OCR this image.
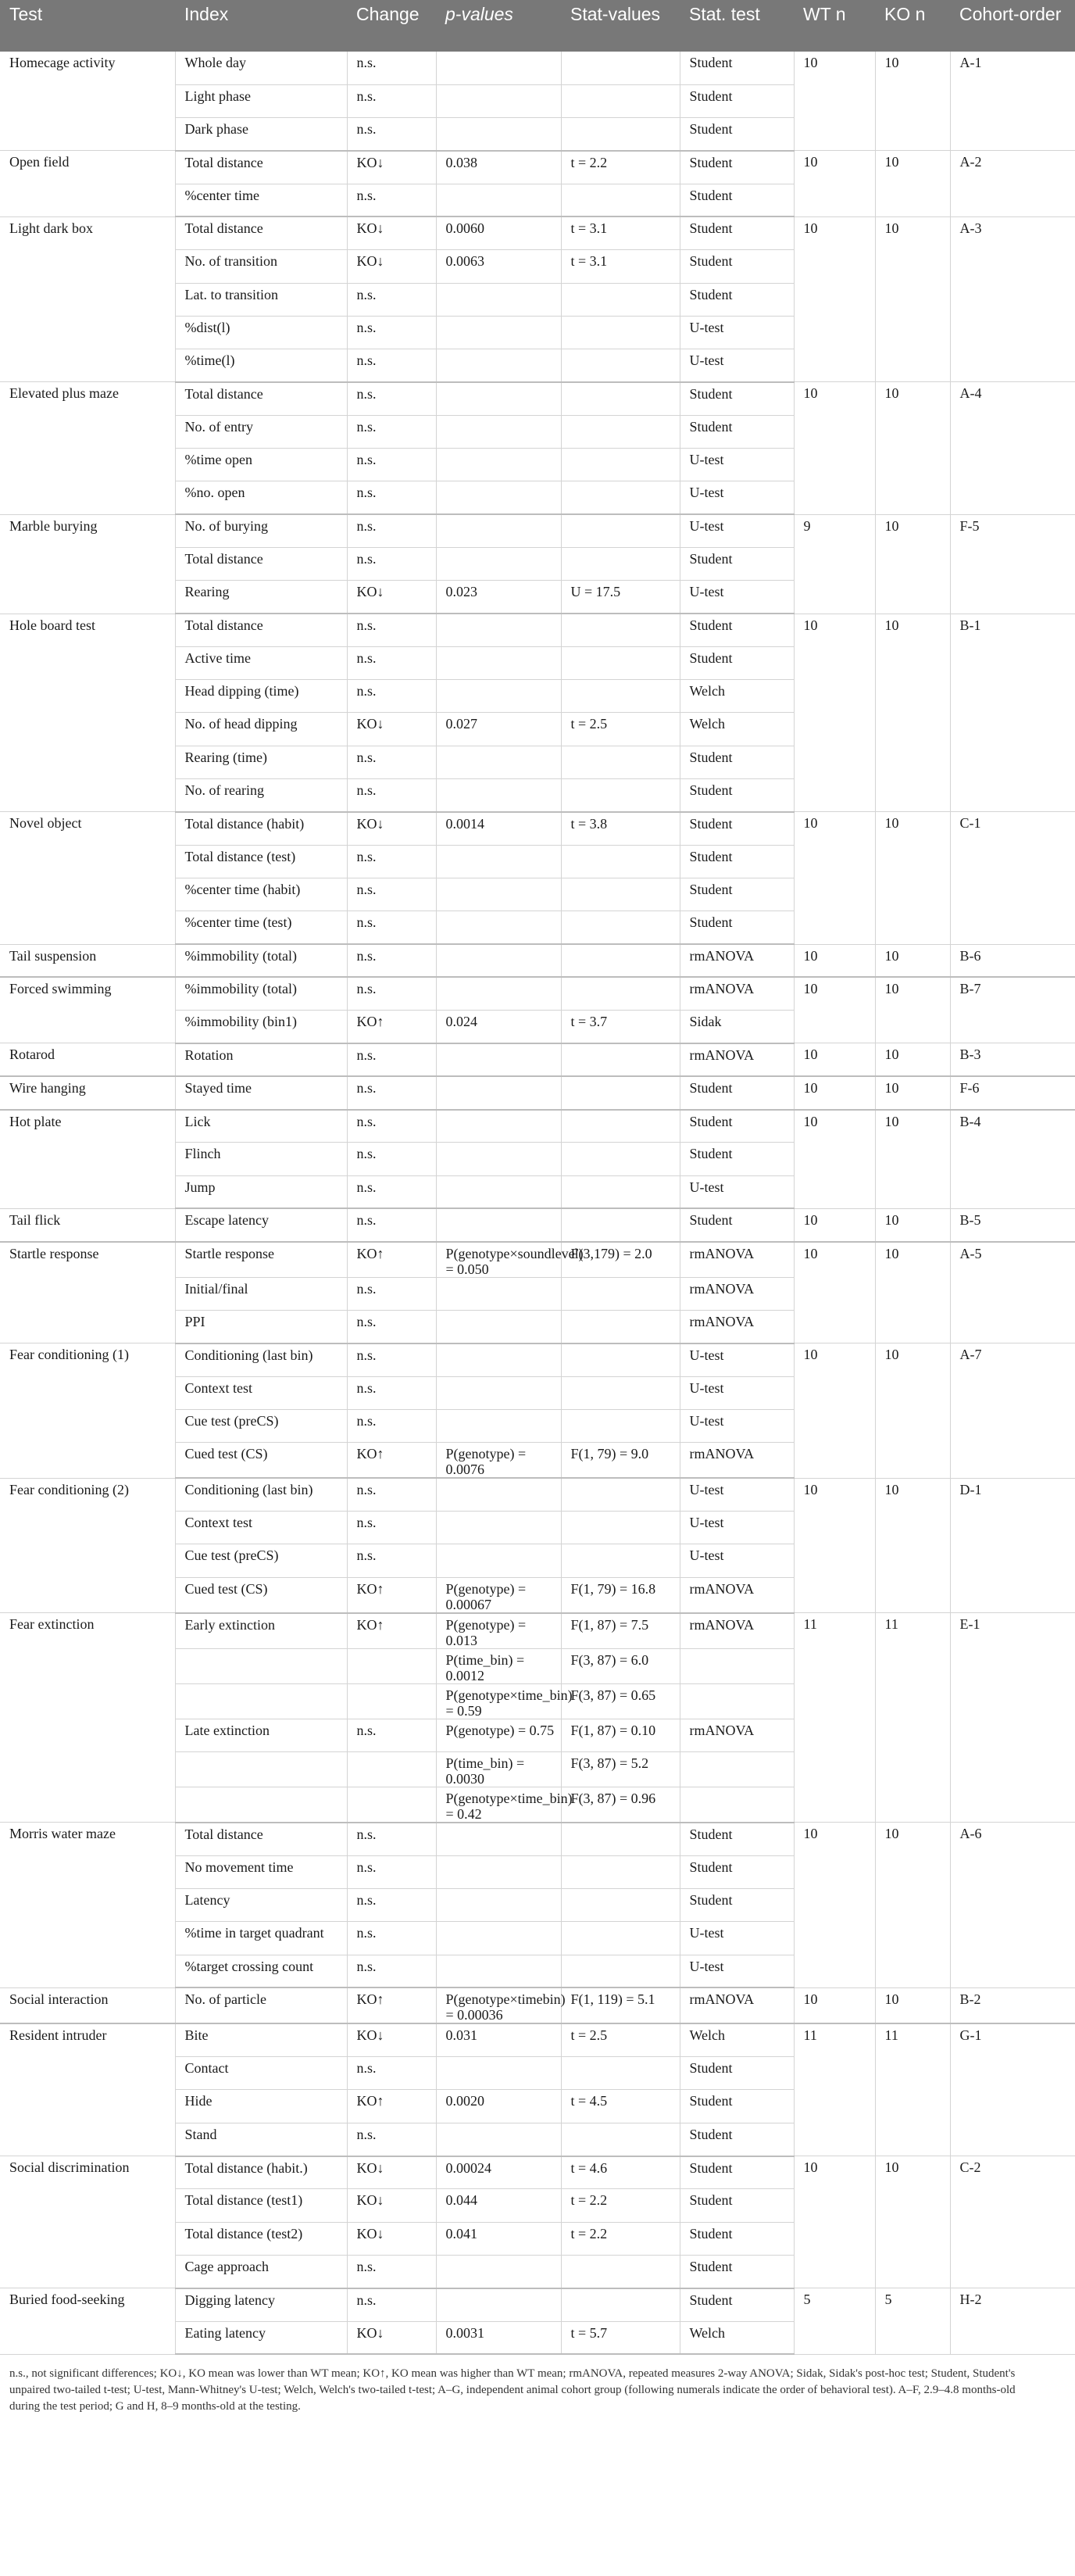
Test	Index	Change	p-values	Stat-values	Stat. test	WT n	KO n	Cohort-order
Homecage activity	Whole day	n.s.			Student	10	10	A-1
	Light phase	n.s.			Student			
	Dark phase	n.s.			Student			
Open field	Total distance	KO↓	0.038	t = 2.2	Student	10	10	A-2
	%center time	n.s.			Student			
Light dark box	Total distance	KO↓	0.0060	t = 3.1	Student	10	10	A-3
	No. of transition	KO↓	0.0063	t = 3.1	Student			
	Lat. to transition	n.s.			Student			
	%dist(l)	n.s.			U-test			
	%time(l)	n.s.			U-test			
Elevated plus maze	Total distance	n.s.			Student	10	10	A-4
	No. of entry	n.s.			Student			
	%time open	n.s.			U-test			
	%no. open	n.s.			U-test			
Marble burying	No. of burying	n.s.			U-test	9	10	F-5
	Total distance	n.s.			Student			
	Rearing	KO↓	0.023	U = 17.5	U-test			
Hole board test	Total distance	n.s.			Student	10	10	B-1
	Active time	n.s.			Student			
	Head dipping (time)	n.s.			Welch			
	No. of head dipping	KO↓	0.027	t = 2.5	Welch			
	Rearing (time)	n.s.			Student			
	No. of rearing	n.s.			Student			
Novel object	Total distance (habit)	KO↓	0.0014	t = 3.8	Student	10	10	C-1
	Total distance (test)	n.s.			Student			
	%center time (habit)	n.s.			Student			
	%center time (test)	n.s.			Student			
Tail suspension	%immobility (total)	n.s.			rmANOVA	10	10	B-6
Forced swimming	%immobility (total)	n.s.			rmANOVA	10	10	B-7
	%immobility (bin1)	KO↑	0.024	t = 3.7	Sidak			
Rotarod	Rotation	n.s.			rmANOVA	10	10	B-3
Wire hanging	Stayed time	n.s.			Student	10	10	F-6
Hot plate	Lick	n.s.			Student	10	10	B-4
	Flinch	n.s.			Student			
	Jump	n.s.			U-test			
Tail flick	Escape latency	n.s.			Student	10	10	B-5
Startle response	Startle response	KO↑	P(genotype×soundlevel) = 0.050	F(3,179) = 2.0	rmANOVA	10	10	A-5
	Initial/final	n.s.			rmANOVA			
	PPI	n.s.			rmANOVA			
Fear conditioning (1)	Conditioning (last bin)	n.s.			U-test	10	10	A-7
	Context test	n.s.			U-test			
	Cue test (preCS)	n.s.			U-test			
	Cued test (CS)	KO↑	P(genotype) = 0.0076	F(1, 79) = 9.0	rmANOVA			
Fear conditioning (2)	Conditioning (last bin)	n.s.			U-test	10	10	D-1
	Context test	n.s.			U-test			
	Cue test (preCS)	n.s.			U-test			
	Cued test (CS)	KO↑	P(genotype) = 0.00067	F(1, 79) = 16.8	rmANOVA			
Fear extinction	Early extinction	KO↑	P(genotype) = 0.013	F(1, 87) = 7.5	rmANOVA	11	11	E-1
			P(time_bin) = 0.0012	F(3, 87) = 6.0				
			P(genotype×time_bin) = 0.59	F(3, 87) = 0.65				
	Late extinction	n.s.	P(genotype) = 0.75	F(1, 87) = 0.10	rmANOVA			
			P(time_bin) = 0.0030	F(3, 87) = 5.2				
			P(genotype×time_bin) = 0.42	F(3, 87) = 0.96				
Morris water maze	Total distance	n.s.			Student	10	10	A-6
	No movement time	n.s.			Student			
	Latency	n.s.			Student			
	%time in target quadrant	n.s.			U-test			
	%target crossing count	n.s.			U-test			
Social interaction	No. of particle	KO↑	P(genotype×timebin) = 0.00036	F(1, 119) = 5.1	rmANOVA	10	10	B-2
Resident intruder	Bite	KO↓	0.031	t = 2.5	Welch	11	11	G-1
	Contact	n.s.			Student			
	Hide	KO↑	0.0020	t = 4.5	Student			
	Stand	n.s.			Student			
Social discrimination	Total distance (habit.)	KO↓	0.00024	t = 4.6	Student	10	10	C-2
	Total distance (test1)	KO↓	0.044	t = 2.2	Student			
	Total distance (test2)	KO↓	0.041	t = 2.2	Student			
	Cage approach	n.s.			Student			
Buried food-seeking	Digging latency	n.s.			Student	5	5	H-2
	Eating latency	KO↓	0.0031	t = 5.7	Welch			
n.s., not significant differences; KO↓, KO mean was lower than WT mean; KO↑, KO mean was higher than WT mean; rmANOVA, repeated measures 2-way ANOVA; Sidak, Sidak's post-hoc test; Student, Student's unpaired two-tailed t-test; U-test, Mann-Whitney's U-test; Welch, Welch's two-tailed t-test; A–G, independent animal cohort group (following numerals indicate the order of behavioral test). A–F, 2.9–4.8 months-old during the test period; G and H, 8–9 months-old at the testing.
